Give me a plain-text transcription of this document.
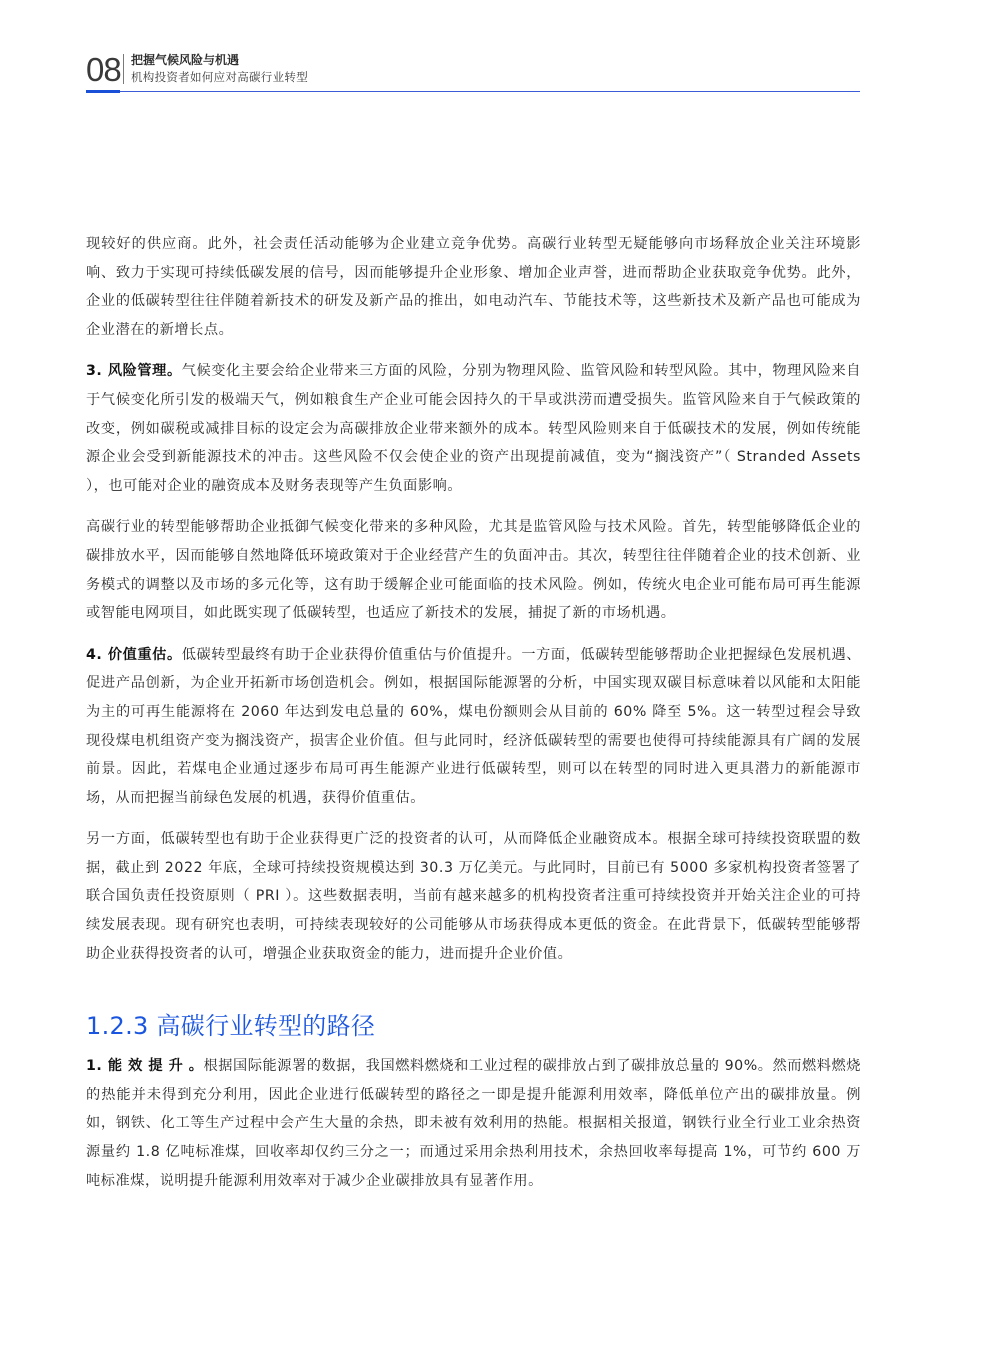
08 把握气候风险与机遇
机构投资者如何应对高碳行业转型

现较好的供应商。此外，社会责任活动能够为企业建立竞争优势。高碳行业转型无疑能够向市场释放企业关注环境影响、致力于实现可持续低碳发展的信号，因而能够提升企业形象、增加企业声誉，进而帮助企业获取竞争优势。此外，企业的低碳转型往往伴随着新技术的研发及新产品的推出，如电动汽车、节能技术等，这些新技术及新产品也可能成为企业潜在的新增长点。

3. 风险管理。气候变化主要会给企业带来三方面的风险，分别为物理风险、监管风险和转型风险。其中，物理风险来自于气候变化所引发的极端天气，例如粮食生产企业可能会因持久的干旱或洪涝而遭受损失。监管风险来自于气候政策的改变，例如碳税或减排目标的设定会为高碳排放企业带来额外的成本。转型风险则来自于低碳技术的发展，例如传统能源企业会受到新能源技术的冲击。这些风险不仅会使企业的资产出现提前减值，变为“搁浅资产”（ Stranded Assets ），也可能对企业的融资成本及财务表现等产生负面影响。

高碳行业的转型能够帮助企业抵御气候变化带来的多种风险，尤其是监管风险与技术风险。首先，转型能够降低企业的碳排放水平，因而能够自然地降低环境政策对于企业经营产生的负面冲击。其次，转型往往伴随着企业的技术创新、业务模式的调整以及市场的多元化等，这有助于缓解企业可能面临的技术风险。例如，传统火电企业可能布局可再生能源或智能电网项目，如此既实现了低碳转型，也适应了新技术的发展，捕捉了新的市场机遇。

4. 价值重估。低碳转型最终有助于企业获得价值重估与价值提升。一方面，低碳转型能够帮助企业把握绿色发展机遇、促进产品创新，为企业开拓新市场创造机会。例如，根据国际能源署的分析，中国实现双碳目标意味着以风能和太阳能为主的可再生能源将在 2060 年达到发电总量的 60%，煤电份额则会从目前的 60% 降至 5%。这一转型过程会导致现役煤电机组资产变为搁浅资产，损害企业价值。但与此同时，经济低碳转型的需要也使得可持续能源具有广阔的发展前景。因此，若煤电企业通过逐步布局可再生能源产业进行低碳转型，则可以在转型的同时进入更具潜力的新能源市场，从而把握当前绿色发展的机遇，获得价值重估。

另一方面，低碳转型也有助于企业获得更广泛的投资者的认可，从而降低企业融资成本。根据全球可持续投资联盟的数据，截止到 2022 年底，全球可持续投资规模达到 30.3 万亿美元。与此同时，目前已有 5000 多家机构投资者签署了联合国负责任投资原则（ PRI ）。这些数据表明，当前有越来越多的机构投资者注重可持续投资并开始关注企业的可持续发展表现。现有研究也表明，可持续表现较好的公司能够从市场获得成本更低的资金。在此背景下，低碳转型能够帮助企业获得投资者的认可，增强企业获取资金的能力，进而提升企业价值。

1.2.3 高碳行业转型的路径

1. 能 效 提 升 。根据国际能源署的数据，我国燃料燃烧和工业过程的碳排放占到了碳排放总量的 90%。然而燃料燃烧的热能并未得到充分利用，因此企业进行低碳转型的路径之一即是提升能源利用效率，降低单位产出的碳排放量。例如，钢铁、化工等生产过程中会产生大量的余热，即未被有效利用的热能。根据相关报道，钢铁行业全行业工业余热资源量约 1.8 亿吨标准煤，回收率却仅约三分之一；而通过采用余热利用技术，余热回收率每提高 1%，可节约 600 万吨标准煤，说明提升能源利用效率对于减少企业碳排放具有显著作用。
